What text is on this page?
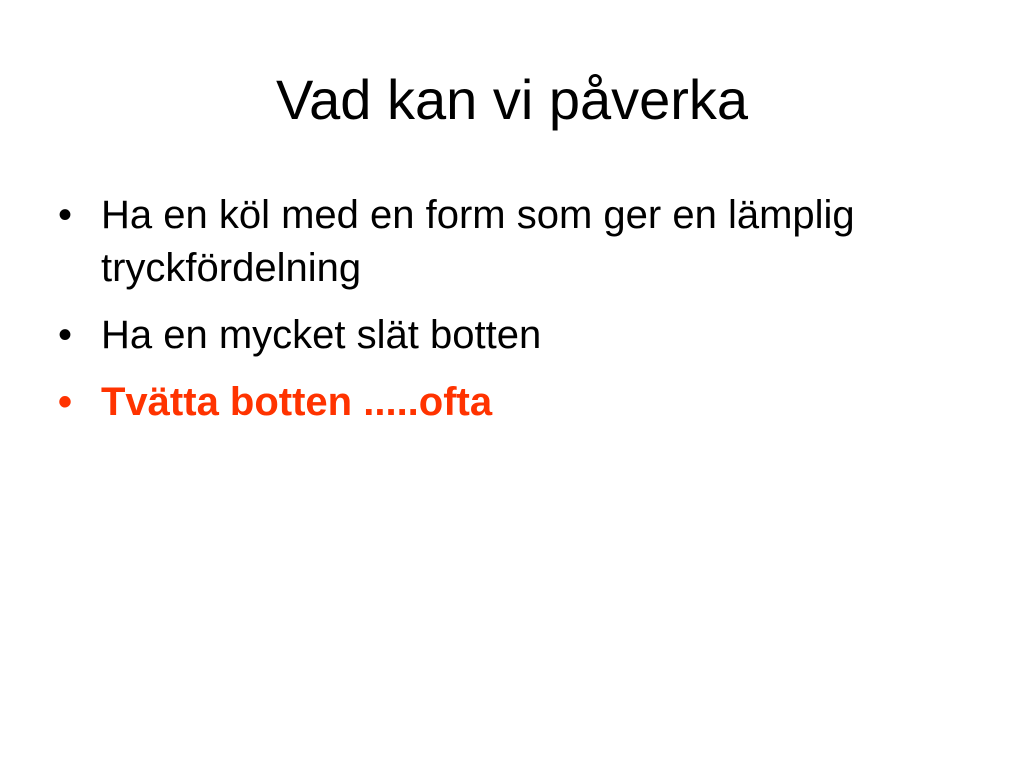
Vad kan vi påverka
• Ha en köl med en form som ger en lämplig tryckfördelning
• Ha en mycket slät botten
• Tvätta botten .....ofta
